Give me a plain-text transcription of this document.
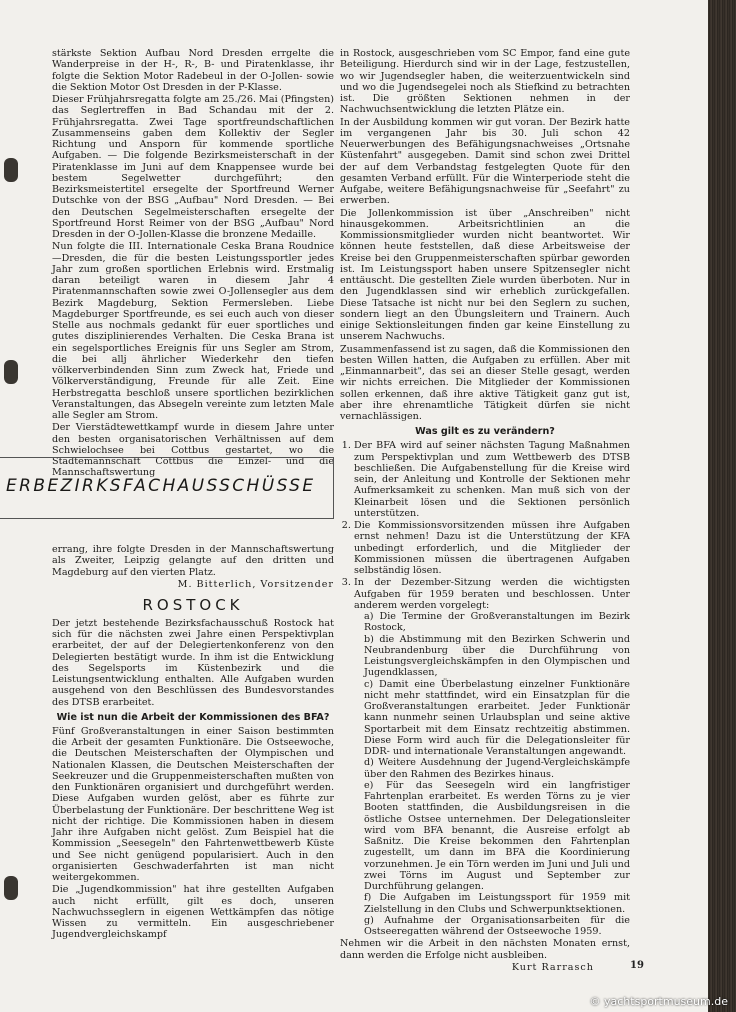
stärkste Sektion Aufbau Nord Dresden errgelte die Wanderpreise in der H-, R-, B- und Piratenklasse, ihr folgte die Sektion Motor Radebeul in der O-Jollen- sowie die Sektion Motor Ost Dresden in der P-Klasse.

Dieser Frühjahrsregatta folgte am 25./26. Mai (Pfingsten) das Seglertreffen in Bad Schandau mit der 2. Frühjahrsregatta. Zwei Tage sportfreundschaftlichen Zusammenseins gaben dem Kollektiv der Segler Richtung und Ansporn für kommende sportliche Aufgaben. — Die folgende Bezirksmeisterschaft in der Piratenklasse im Juni auf dem Knappensee wurde bei bestem Segelwetter durchgeführt; den Bezirksmeistertitel ersegelte der Sportfreund Werner Dutschke von der BSG „Aufbau" Nord Dresden. — Bei den Deutschen Segelmeisterschaften ersegelte der Sportfreund Horst Reimer von der BSG „Aufbau" Nord Dresden in der O-Jollen-Klasse die bronzene Medaille.

Nun folgte die III. Internationale Ceska Brana Roudnice—Dresden, die für die besten Leistungssportler jedes Jahr zum großen sportlichen Erlebnis wird. Erstmalig daran beteiligt waren in diesem Jahr 4 Piratenmannschaften sowie zwei O-Jollensegler aus dem Bezirk Magdeburg, Sektion Fermersleben. Liebe Magdeburger Sportfreunde, es sei euch auch von dieser Stelle aus nochmals gedankt für euer sportliches und gutes disziplinierendes Verhalten. Die Ceska Brana ist ein segelsportliches Ereignis für uns Segler am Strom, die bei allj ährlicher Wiederkehr den tiefen völkerverbindenden Sinn zum Zweck hat, Friede und Völkerverständigung, Freunde für alle Zeit. Eine Herbstregatta beschloß unsere sportlichen bezirklichen Veranstaltungen, das Absegeln vereinte zum letzten Male alle Segler am Strom.

Der Vierstädtewettkampf wurde in diesem Jahre unter den besten organisatorischen Verhältnissen auf dem Schwielochsee bei Cottbus gestartet, wo die Städtemannschaft Cottbus die Einzel- und die Mannschaftswertung

ERBEZIRKSFACHAUSSCHÜSSE

errang, ihre folgte Dresden in der Mannschaftswertung als Zweiter, Leipzig gelangte auf den dritten und Magdeburg auf den vierten Platz.

M. Bitterlich, Vorsitzender
ROSTOCK

Der jetzt bestehende Bezirksfachausschuß Rostock hat sich für die nächsten zwei Jahre einen Perspektivplan erarbeitet, der auf der Delegiertenkonferenz von den Delegierten bestätigt wurde. In ihm ist die Entwicklung des Segelsports im Küstenbezirk und die Leistungsentwicklung enthalten. Alle Aufgaben wurden ausgehend von den Beschlüssen des Bundesvorstandes des DTSB erarbeitet.

Wie ist nun die Arbeit der Kommissionen des BFA?

Fünf Großveranstaltungen in einer Saison bestimmten die Arbeit der gesamten Funktionäre. Die Ostseewoche, die Deutschen Meisterschaften der Olympischen und Nationalen Klassen, die Deutschen Meisterschaften der Seekreuzer und die Gruppenmeisterschaften mußten von den Funktionären organisiert und durchgeführt werden. Diese Aufgaben wurden gelöst, aber es führte zur Überbelastung der Funktionäre. Der beschrittene Weg ist nicht der richtige. Die Kommissionen haben in diesem Jahr ihre Aufgaben nicht gelöst. Zum Beispiel hat die Kommission „Seesegeln" den Fahrtenwettbewerb Küste und See nicht genügend popularisiert. Auch in den organisierten Geschwaderfahrten ist man nicht weitergekommen.

Die „Jugendkommission" hat ihre gestellten Aufgaben auch nicht erfüllt, gilt es doch, unseren Nachwuchsseglern in eigenen Wettkämpfen das nötige Wissen zu vermitteln. Ein ausgeschriebener Jugendvergleichskampf

in Rostock, ausgeschrieben vom SC Empor, fand eine gute Beteiligung. Hierdurch sind wir in der Lage, festzustellen, wo wir Jugendsegler haben, die weiterzuentwickeln sind und wo die Jugendsegelei noch als Stiefkind zu betrachten ist. Die größten Sektionen nehmen in der Nachwuchsentwicklung die letzten Plätze ein.

In der Ausbildung kommen wir gut voran. Der Bezirk hatte im vergangenen Jahr bis 30. Juli schon 42 Neuerwerbungen des Befähigungsnachweises „Ortsnahe Küstenfahrt" ausgegeben. Damit sind schon zwei Drittel der auf dem Verbandstag festgelegten Quote für den gesamten Verband erfüllt. Für die Winterperiode steht die Aufgabe, weitere Befähigungsnachweise für „Seefahrt" zu erwerben.

Die Jollenkommission ist über „Anschreiben" nicht hinausgekommen. Arbeitsrichtlinien an die Kommissionsmitglieder wurden nicht beantwortet. Wir können heute feststellen, daß diese Arbeitsweise der Kreise bei den Gruppenmeisterschaften spürbar geworden ist. Im Leistungssport haben unsere Spitzensegler nicht enttäuscht. Die gestellten Ziele wurden überboten. Nur in den Jugendklassen sind wir erheblich zurückgefallen. Diese Tatsache ist nicht nur bei den Seglern zu suchen, sondern liegt an den Übungsleitern und Trainern. Auch einige Sektionsleitungen finden gar keine Einstellung zu unserem Nachwuchs.

Zusammenfassend ist zu sagen, daß die Kommissionen den besten Willen hatten, die Aufgaben zu erfüllen. Aber mit „Einmannarbeit", das sei an dieser Stelle gesagt, werden wir nichts erreichen. Die Mitglieder der Kommissionen sollen erkennen, daß ihre aktive Tätigkeit ganz gut ist, aber ihre ehrenamtliche Tätigkeit dürfen sie nicht vernachlässigen.

Was gilt es zu verändern?
1. Der BFA wird auf seiner nächsten Tagung Maßnahmen zum Perspektivplan und zum Wettbewerb des DTSB beschließen. Die Aufgabenstellung für die Kreise wird sein, der Anleitung und Kontrolle der Sektionen mehr Aufmerksamkeit zu schenken. Man muß sich von der Kleinarbeit lösen und die Sektionen persönlich unterstützen.
2. Die Kommissionsvorsitzenden müssen ihre Aufgaben ernst nehmen! Dazu ist die Unterstützung der KFA unbedingt erforderlich, und die Mitglieder der Kommissionen müssen die übertragenen Aufgaben selbständig lösen.
3. In der Dezember-Sitzung werden die wichtigsten Aufgaben für 1959 beraten und beschlossen. Unter anderem werden vorgelegt:
a) Die Termine der Großveranstaltungen im Bezirk Rostock,
b) die Abstimmung mit den Bezirken Schwerin und Neubrandenburg über die Durchführung von Leistungsvergleichskämpfen in den Olympischen und Jugendklassen,
c) Damit eine Überbelastung einzelner Funktionäre nicht mehr stattfindet, wird ein Einsatzplan für die Großveranstaltungen erarbeitet. Jeder Funktionär kann nunmehr seinen Urlaubsplan und seine aktive Sportarbeit mit dem Einsatz rechtzeitig abstimmen. Diese Form wird auch für die Delegationsleiter für DDR- und internationale Veranstaltungen angewandt.
d) Weitere Ausdehnung der Jugend-Vergleichskämpfe über den Rahmen des Bezirkes hinaus.
e) Für das Seesegeln wird ein langfristiger Fahrtenplan erarbeitet. Es werden Törns zu je vier Booten stattfinden, die Ausbildungsreisen in die östliche Ostsee unternehmen. Der Delegationsleiter wird vom BFA benannt, die Ausreise erfolgt ab Saßnitz. Die Kreise bekommen den Fahrtenplan zugestellt, um dann im BFA die Koordinierung vorzunehmen. Je ein Törn werden im Juni und Juli und zwei Törns im August und September zur Durchführung gelangen.
f) Die Aufgaben im Leistungssport für 1959 mit Zielstellung in den Clubs und Schwerpunktsektionen.
g) Aufnahme der Organisationsarbeiten für die Ostseeregatten während der Ostseewoche 1959.

Nehmen wir die Arbeit in den nächsten Monaten ernst, dann werden die Erfolge nicht ausbleiben.

Kurt Rarrasch	19
© yachtsportmuseum.de
